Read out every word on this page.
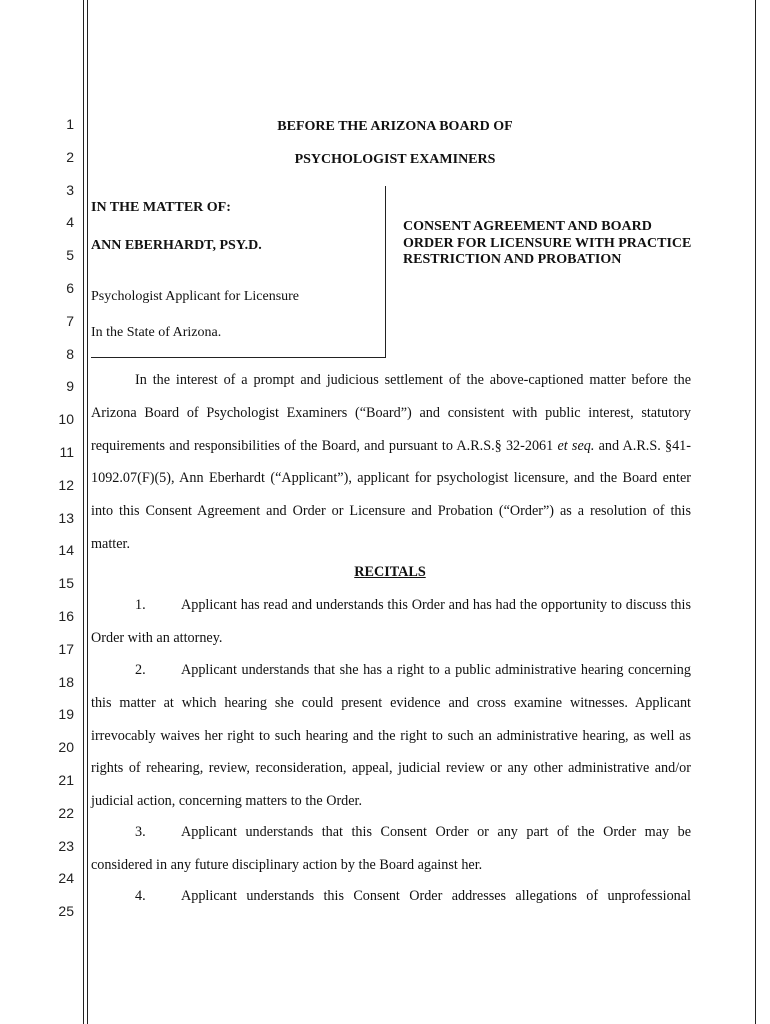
1
2
3
4
5
6
7
8
9
10
11
12
13
14
15
16
17
18
19
20
21
22
23
24
25
BEFORE THE ARIZONA BOARD OF
PSYCHOLOGIST EXAMINERS
IN THE MATTER OF:
ANN EBERHARDT, PSY.D.
Psychologist Applicant for Licensure
In the State of Arizona.
CONSENT AGREEMENT AND BOARD ORDER FOR LICENSURE WITH PRACTICE RESTRICTION AND PROBATION
In the interest of a prompt and judicious settlement of the above-captioned matter before the Arizona Board of Psychologist Examiners (“Board”) and consistent with public interest, statutory requirements and responsibilities of the Board, and pursuant to A.R.S.§ 32-2061 et seq. and A.R.S. §41-1092.07(F)(5), Ann Eberhardt (“Applicant”), applicant for psychologist licensure, and the Board enter into this Consent Agreement and Order or Licensure and Probation (“Order”) as a resolution of this matter.
RECITALS
1. Applicant has read and understands this Order and has had the opportunity to discuss this Order with an attorney.
2. Applicant understands that she has a right to a public administrative hearing concerning this matter at which hearing she could present evidence and cross examine witnesses. Applicant irrevocably waives her right to such hearing and the right to such an administrative hearing, as well as rights of rehearing, review, reconsideration, appeal, judicial review or any other administrative and/or judicial action, concerning matters to the Order.
3. Applicant understands that this Consent Order or any part of the Order may be considered in any future disciplinary action by the Board against her.
4. Applicant understands this Consent Order addresses allegations of unprofessional
